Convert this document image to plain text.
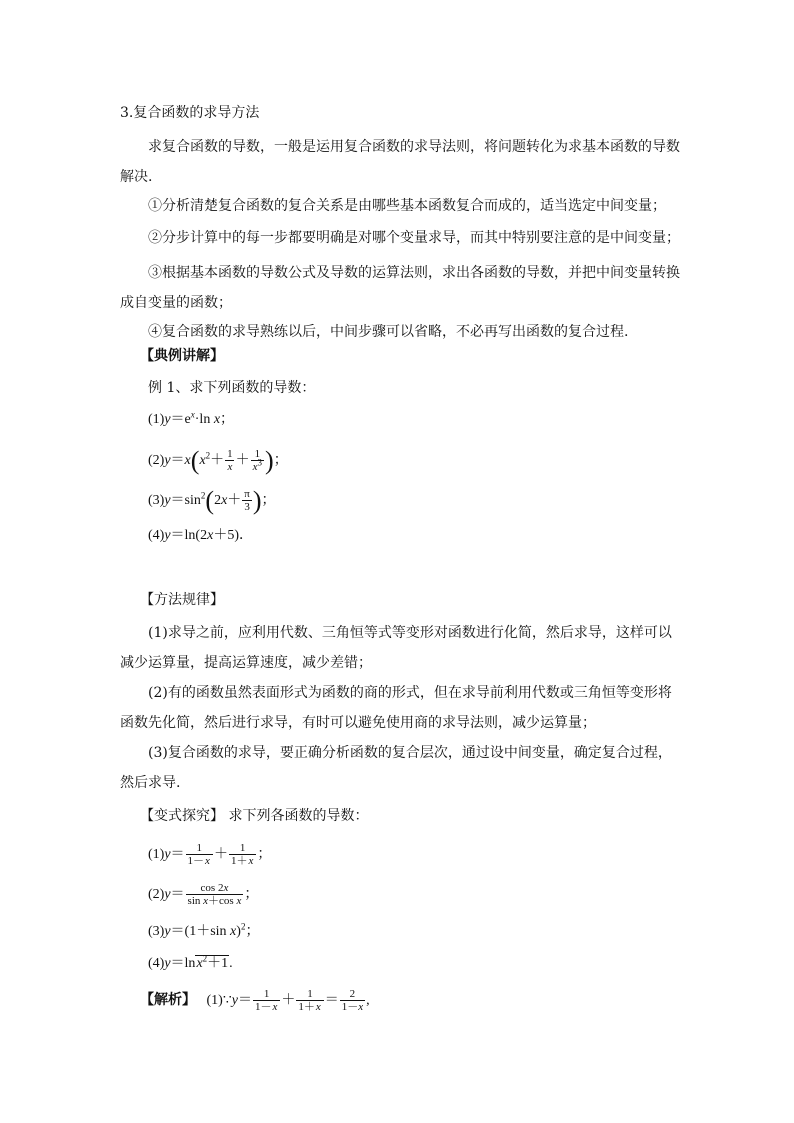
3.复合函数的求导方法
求复合函数的导数，一般是运用复合函数的求导法则，将问题转化为求基本函数的导数解决.
①分析清楚复合函数的复合关系是由哪些基本函数复合而成的，适当选定中间变量；
②分步计算中的每一步都要明确是对哪个变量求导，而其中特别要注意的是中间变量；
③根据基本函数的导数公式及导数的运算法则，求出各函数的导数，并把中间变量转换成自变量的函数；
④复合函数的求导熟练以后，中间步骤可以省略，不必再写出函数的复合过程.
【典例讲解】
例 1、求下列函数的导数：
$(1)y=e^x\cdot\ln$ x；
$(2)y=x(x^2+ \frac{1}{x} + \frac{1}{x^3}$ )；
$(3)y=\sin^2(2x+ \frac{\pi}{3}$ )；
(4)y＝ln(2x＋5)．
【方法规律】
(1)求导之前，应利用代数、三角恒等式等变形对函数进行化简，然后求导，这样可以减少运算量，提高运算速度，减少差错；
(2)有的函数虽然表面形式为函数的商的形式，但在求导前利用代数或三角恒等变形将函数先化简，然后进行求导，有时可以避免使用商的求导法则，减少运算量；
(3)复合函数的求导，要正确分析函数的复合层次，通过设中间变量，确定复合过程，然后求导.
【变式探究】 求下列各函数的导数：
$(1)y= \frac{1}{1-x} + \frac{1}{1+x}$ ；
$(2)y= \frac{\cos 2x}{\text{sin x＋cos x}}$ ；
(3)y＝(1＋sin x)$^2$；
(4)y＝lnx$^2$＋1.
【解析】   (1)∵y＝ $\frac{1}{1-x} + \frac{1}{1+x} = \frac{2}{1-x}$ ,
